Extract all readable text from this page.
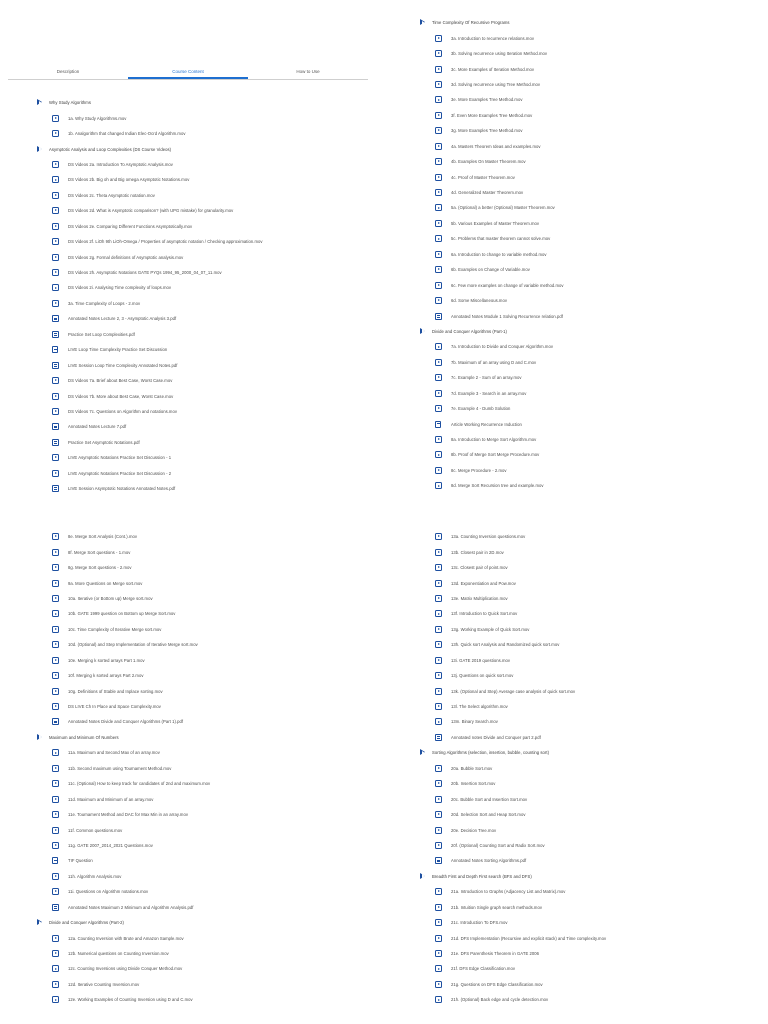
Description	Course Content	How to Use
Why Study Algorithms
1a. Why Study Algorithms.mov
1b. Analgorithm that changed Indian Elec-Ocrd Algorithm.mov
Asymptotic Analysis and Loop Complexities (DS Course Videos)
DS Videos 2a. Introduction To Asymptotic Analysis.mov
DS Videos 2b. Big oh and Big omega Asymptotic Notations.mov
DS Videos 2c. Theta Asymptotic notation.mov
DS Videos 2d. What is Asymptotic comparison? (with UPG mistake) for granularity.mov
DS Videos 2e. Comparing Different Functions Asymptotically.mov
DS Videos 2f. LiOh 9th LiOh-Omega / Properties of asymptotic notation / Checking approximation.mov
DS Videos 2g. Formal definitions of Asymptotic analysis.mov
DS Videos 2h. Asymptotic Notations GATE PYQs 1994_95_2000_04_07_11.mov
DS Videos 2i. Analysing Time complexity of loops.mov
3a. Time Complexity of Loops - 2.mov
Annotated Notes Lecture 2, 3 - Asymptotic Analysis 3.pdf
Practice Set Loop Complexities.pdf
LIVE Loop Time Complexity Practice Set Discussion
LIVE Session Loop Time Complexity Annotated Notes.pdf
DS Videos 7a. Brief about Best Case, Worst Case.mov
DS Videos 7b. More about Best Case, Worst Case.mov
DS Videos 7c. Questions on Algorithm and notations.mov
Annotated Notes Lecture 7.pdf
Practice Set Asymptotic Notations.pdf
LIVE Asymptotic Notations Practice Set Discussion - 1
LIVE Asymptotic Notations Practice Set Discussion - 2
LIVE Session Asymptotic Notations Annotated Notes.pdf
Time Complexity Of Recursive Programs
3a. Introduction to recurrence relations.mov
3b. Solving recurrence using Iteration Method.mov
3c. More Examples of Iteration Method.mov
3d. Solving recurrence using Tree Method.mov
3e. More Examples Tree Method.mov
3f. Even More Examples Tree Method.mov
3g. More Examples Tree Method.mov
4a. Masters Theorem Ideas and examples.mov
4b. Examples On Master Theorem.mov
4c. Proof of Master Theorem.mov
4d. Generalized Master Theorem.mov
5a. (Optional) a better (Optional) Master Theorem.mov
5b. Various Examples of Master Theorem.mov
5c. Problems that master theorem cannot solve.mov
6a. Introduction to change to variable method.mov
6b. Examples on Change of Variable.mov
6c. Few more examples on change of variable method.mov
6d. Some Miscellaneous.mov
Annotated Notes Module 1 Solving Recurrence relation.pdf
Divide and Conquer Algorithms (Part-1)
7a. Introduction to Divide and Conquer Algorithm.mov
7b. Maximum of an array using D and C.mov
7c. Example 2 - Sum of an array.mov
7d. Example 3 - Search in an array.mov
7e. Example 4 - Dumb Solution
Article Working Recurrence Induction
8a. Introduction to Merge Sort Algorithm.mov
8b. Proof of Merge Sort Merge Procedure.mov
8c. Merge Procedure - 2.mov
8d. Merge Sort Recursion tree and example.mov
8e. Merge Sort Analysis (Cont.).mov
8f. Merge Sort questions - 1.mov
8g. Merge Sort questions - 2.mov
9a. More Questions on Merge sort.mov
10a. Iterative (or Bottom up) Merge sort.mov
10b. GATE 1999 question on Bottom up Merge Sort.mov
10c. Time Complexity of Iterative Merge sort.mov
10d. (Optional) and Step Implementation of Iterative Merge sort.mov
10e. Merging k sorted arrays Part 1.mov
10f. Merging k sorted arrays Part 2.mov
10g. Definitions of Stable and Inplace sorting.mov
DS LIVE Ch In Place and Space Complexity.mov
Annotated Notes Divide and Conquer Algorithms (Part 1).pdf
Maximum and Minimum Of Numbers
11a. Maximum and Second Max of an array.mov
11b. Second maximum using Tournament Method.mov
11c. (Optional) How to keep track for candidates of 2nd and maximum.mov
11d. Maximum and Minimum of an array.mov
11e. Tournament Method and DAC for Max Min in an array.mov
11f. Common questions.mov
11g. GATE 2007_2014_2021 Questions.mov
TIF Question
11h. Algorithm Analysis.mov
11i. Questions on Algorithm notations.mov
Annotated Notes Maximum 2 Minimum and Algorithm Analysis.pdf
Divide and Conquer Algorithms (Part-2)
12a. Counting Inversion with Brute and Amazon Sample.mov
12b. Numerical questions on Counting Inversion.mov
12c. Counting Inversions using Divide Conquer Method.mov
12d. Iterative Counting Inversion.mov
12e. Working Examples of Counting Inversion using D and C.mov
13a. Counting Inversion questions.mov
13b. Closest pair in 2D.mov
13c. Closest pair of point.mov
13d. Exponentiation and Pow.mov
13e. Matrix Multiplication.mov
13f. Introduction to Quick Sort.mov
13g. Working Example of Quick Sort.mov
13h. Quick sort Analysis and Randomized quick sort.mov
13i. GATE 2019 questions.mov
13j. Questions on quick sort.mov
13k. (Optional and Step) Average case analysis of quick sort.mov
13l. The Select algorithm.mov
13m. Binary Search.mov
Annotated notes Divide and Conquer part 2.pdf
Sorting Algorithms (selection, insertion, bubble, counting sort)
20a. Bubble Sort.mov
20b. Insertion Sort.mov
20c. Bubble Sort and Insertion Sort.mov
20d. Selection Sort and Heap Sort.mov
20e. Decision Tree.mov
20f. (Optional) Counting Sort and Radix Sort.mov
Annotated Notes Sorting Algorithms.pdf
Breadth First and Depth First search (BFS and DFS)
21a. Introduction to Graphs (Adjacency List and Matrix).mov
21b. Intuition Single graph search methods.mov
21c. Introduction To DFS.mov
21d. DFS Implementation (Recursive and explicit stack) and Time complexity.mov
21e. DFS Parenthesis Theorem in GATE 2006
21f. DFS Edge Classification.mov
21g. Questions on DFS Edge Classification.mov
21h. (Optional) Back edge and cycle detection.mov
